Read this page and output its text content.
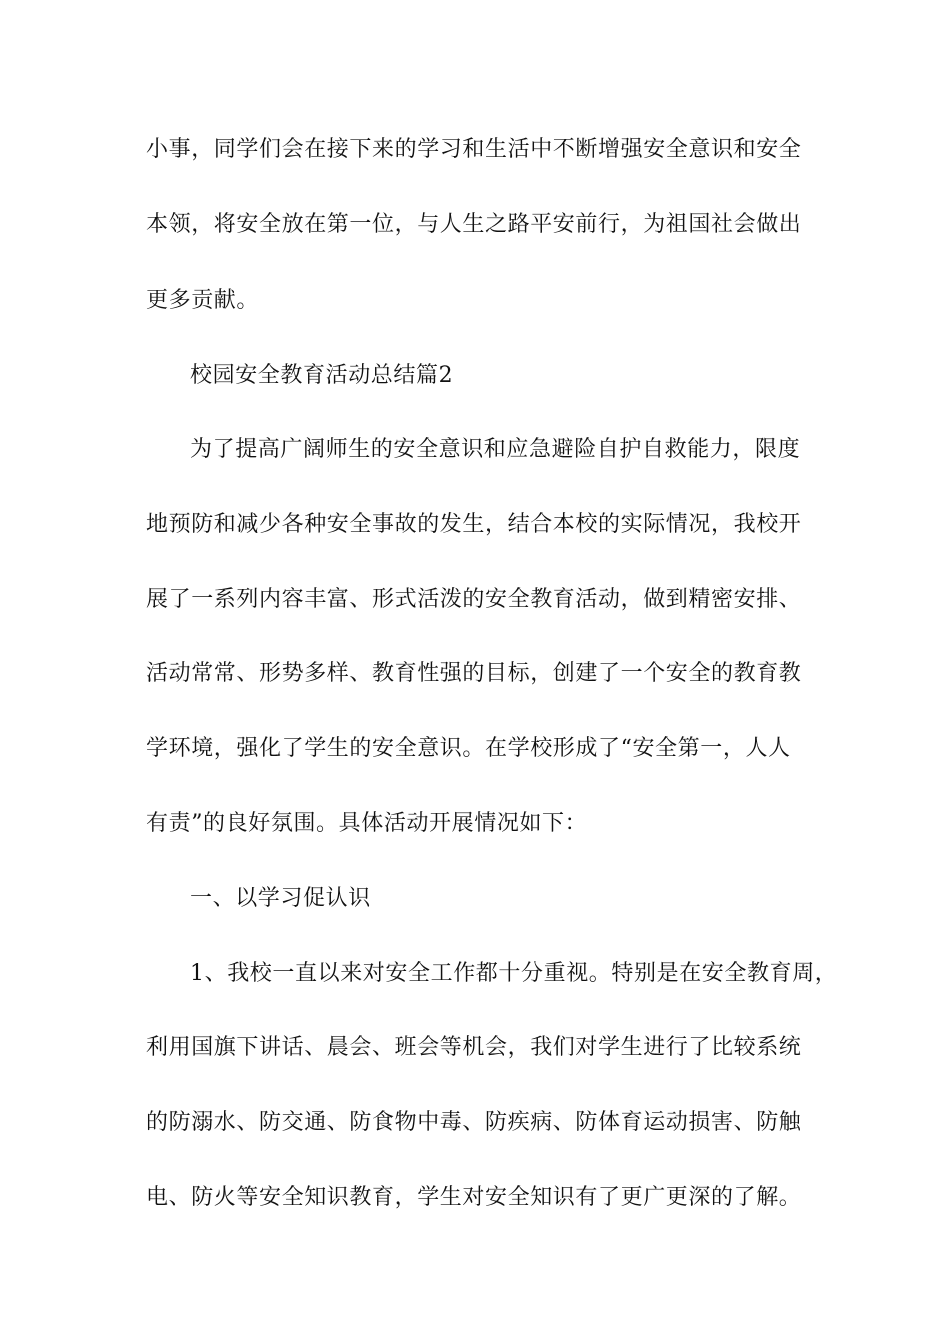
小事，同学们会在接下来的学习和生活中不断增强安全意识和安全
本领，将安全放在第一位，与人生之路平安前行，为祖国社会做出
更多贡献。
校园安全教育活动总结篇2
为了提高广阔师生的安全意识和应急避险自护自救能力，限度
地预防和减少各种安全事故的发生，结合本校的实际情况，我校开
展了一系列内容丰富、形式活泼的安全教育活动，做到精密安排、
活动常常、形势多样、教育性强的目标，创建了一个安全的教育教
学环境，强化了学生的安全意识。在学校形成了“安全第一，人人
有责”的良好氛围。具体活动开展情况如下：
一、以学习促认识
1、我校一直以来对安全工作都十分重视。特别是在安全教育周，
利用国旗下讲话、晨会、班会等机会，我们对学生进行了比较系统
的防溺水、防交通、防食物中毒、防疾病、防体育运动损害、防触
电、防火等安全知识教育，学生对安全知识有了更广更深的了解。
